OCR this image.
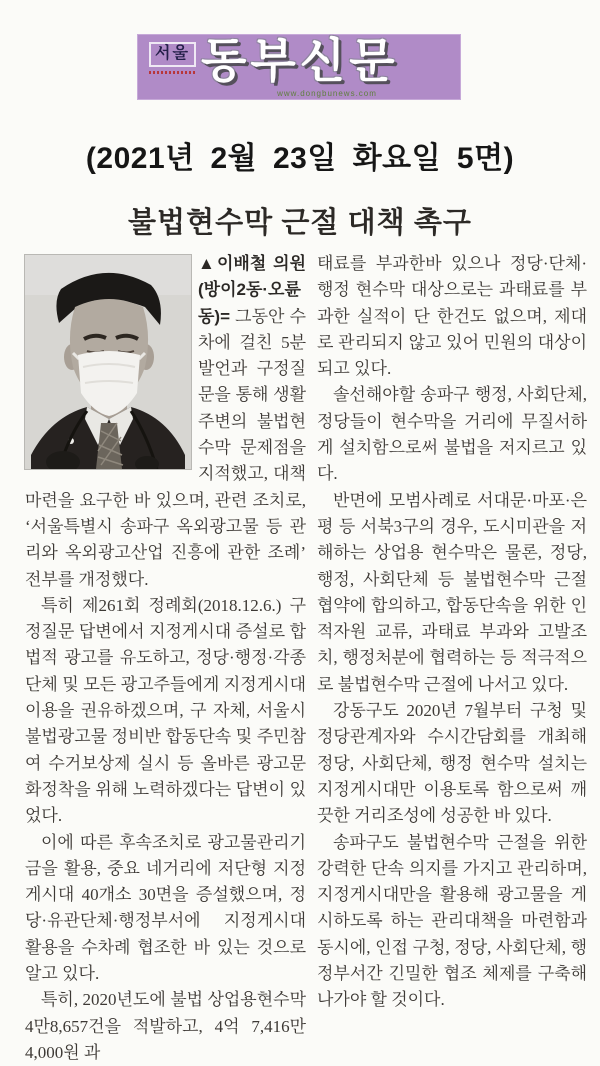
서울 동부신문
www.dongbunews.com
(2021년 2월 23일 화요일 5면)
불법현수막 근절 대책 촉구

▲이배철 의원 (방이2동·오륜동)= 그동안 수차에 걸친 5분 발언과 구정질문을 통해 생활 주변의 불법현수막 문제점을 지적했고, 대책 마련을 요구한 바 있으며, 관련 조치로, ‘서울특별시 송파구 옥외광고물 등 관리와 옥외광고산업 진흥에 관한 조례’ 전부를 개정했다.

특히 제261회 정례회(2018.12.6.) 구정질문 답변에서 지정게시대 증설로 합법적 광고를 유도하고, 정당·행정·각종단체 및 모든 광고주들에게 지정게시대 이용을 권유하겠으며, 구 자체, 서울시 불법광고물 정비반 합동단속 및 주민참여 수거보상제 실시 등 올바른 광고문화정착을 위해 노력하겠다는 답변이 있었다.

이에 따른 후속조치로 광고물관리기금을 활용, 중요 네거리에 저단형 지정게시대 40개소 30면을 증설했으며, 정당·유관단체·행정부서에 지정게시대 활용을 수차례 협조한 바 있는 것으로 알고 있다.

특히, 2020년도에 불법 상업용현수막 4만8,657건을 적발하고, 4억 7,416만 4,000원 과

태료를 부과한바 있으나 정당·단체·행정 현수막 대상으로는 과태료를 부과한 실적이 단 한건도 없으며, 제대로 관리되지 않고 있어 민원의 대상이 되고 있다.

솔선해야할 송파구 행정, 사회단체, 정당들이 현수막을 거리에 무질서하게 설치함으로써 불법을 저지르고 있다.

반면에 모범사례로 서대문·마포·은평 등 서북3구의 경우, 도시미관을 저해하는 상업용 현수막은 물론, 정당, 행정, 사회단체 등 불법현수막 근절 협약에 합의하고, 합동단속을 위한 인적자원 교류, 과태료 부과와 고발조치, 행정처분에 협력하는 등 적극적으로 불법현수막 근절에 나서고 있다.

강동구도 2020년 7월부터 구청 및 정당관계자와 수시간담회를 개최해 정당, 사회단체, 행정 현수막 설치는 지정게시대만 이용토록 함으로써 깨끗한 거리조성에 성공한 바 있다.

송파구도 불법현수막 근절을 위한 강력한 단속 의지를 가지고 관리하며, 지정게시대만을 활용해 광고물을 게시하도록 하는 관리대책을 마련함과 동시에, 인접 구청, 정당, 사회단체, 행정부서간 긴밀한 협조 체제를 구축해나가야 할 것이다.
